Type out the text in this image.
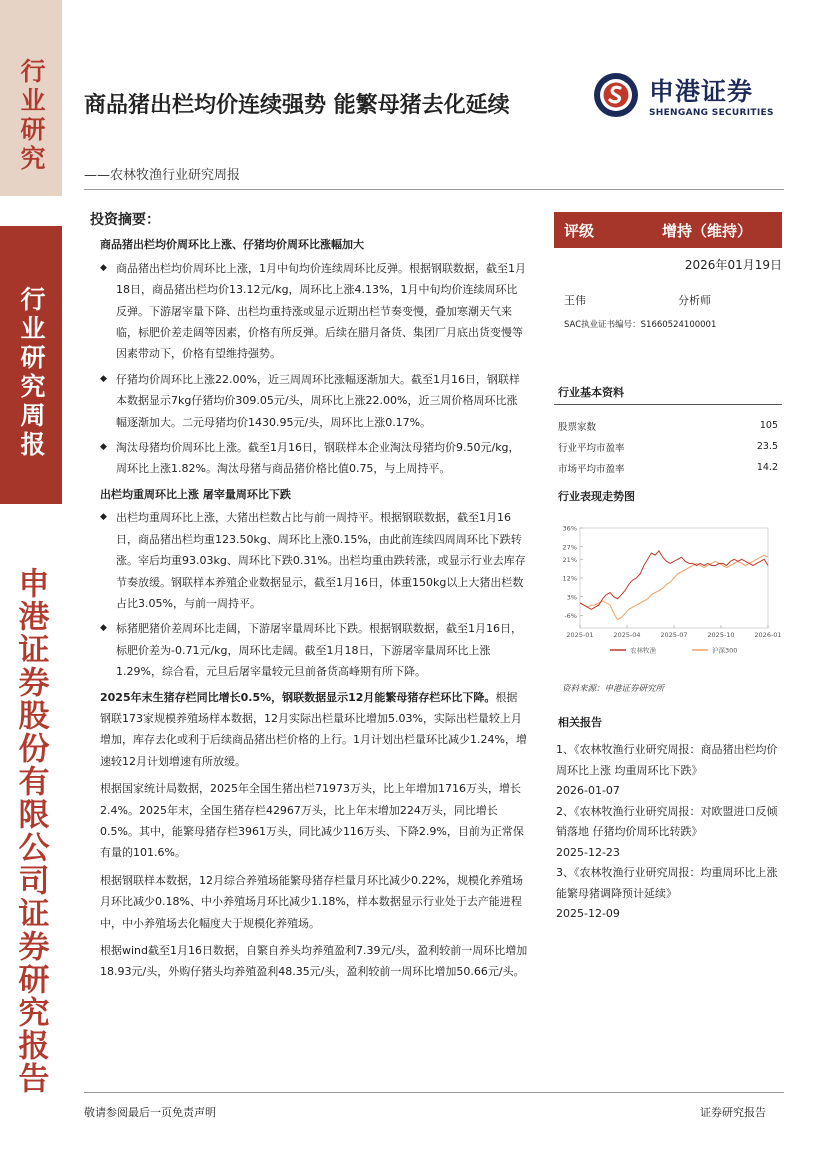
行业研究
行业研究周报
申港证券股份有限公司证券研究报告
商品猪出栏均价连续强势 能繁母猪去化延续
——农林牧渔行业研究周报
申港证券
SHENGANG SECURITIES
投资摘要：
商品猪出栏均价周环比上涨、仔猪均价周环比涨幅加大
◆ 商品猪出栏均价周环比上涨，1月中旬均价连续周环比反弹。根据钢联数据，截至1月18日，商品猪出栏均价13.12元/kg，周环比上涨4.13%，1月中旬均价连续周环比反弹。下游屠宰量下降、出栏均重持涨或显示近期出栏节奏变慢，叠加寒潮天气来临，标肥价差走阔等因素，价格有所反弹。后续在腊月备货、集团厂月底出货变慢等因素带动下，价格有望维持强势。
◆ 仔猪均价周环比上涨22.00%，近三周周环比涨幅逐渐加大。截至1月16日，钢联样本数据显示7kg仔猪均价309.05元/头，周环比上涨22.00%，近三周价格周环比涨幅逐渐加大。二元母猪均价1430.95元/头，周环比上涨0.17%。
◆ 淘汰母猪均价周环比上涨。截至1月16日，钢联样本企业淘汰母猪均价9.50元/kg，周环比上涨1.82%。淘汰母猪与商品猪价格比值0.75，与上周持平。
出栏均重周环比上涨 屠宰量周环比下跌
◆ 出栏均重周环比上涨，大猪出栏数占比与前一周持平。根据钢联数据，截至1月16日，商品猪出栏均重123.50kg、周环比上涨0.15%，由此前连续四周周环比下跌转涨。宰后均重93.03kg、周环比下跌0.31%。出栏均重由跌转涨，或显示行业去库存节奏放缓。钢联样本养殖企业数据显示，截至1月16日，体重150kg以上大猪出栏数占比3.05%，与前一周持平。
◆ 标猪肥猪价差周环比走阔，下游屠宰量周环比下跌。根据钢联数据，截至1月16日，标肥价差为-0.71元/kg，周环比走阔。截至1月18日，下游屠宰量周环比上涨1.29%，综合看，元旦后屠宰量较元旦前备货高峰期有所下降。
2025年末生猪存栏同比增长0.5%，钢联数据显示12月能繁母猪存栏环比下降。根据钢联173家规模养殖场样本数据，12月实际出栏量环比增加5.03%，实际出栏量较上月增加，库存去化或利于后续商品猪出栏价格的上行。1月计划出栏量环比减少1.24%，增速较12月计划增速有所放缓。
根据国家统计局数据，2025年全国生猪出栏71973万头，比上年增加1716万头，增长2.4%。2025年末，全国生猪存栏42967万头，比上年末增加224万头，同比增长0.5%。其中，能繁母猪存栏3961万头，同比减少116万头、下降2.9%，目前为正常保有量的101.6%。
根据钢联样本数据，12月综合养殖场能繁母猪存栏量月环比减少0.22%，规模化养殖场月环比减少0.18%、中小养殖场月环比减少1.18%，样本数据显示行业处于去产能进程中，中小养殖场去化幅度大于规模化养殖场。
根据wind截至1月16日数据，自繁自养头均养殖盈利7.39元/头，盈利较前一周环比增加18.93元/头，外购仔猪头均养殖盈利48.35元/头，盈利较前一周环比增加50.66元/头。
评级	增持（维持）
2026年01月19日
王伟	分析师
SAC执业证书编号：S1660524100001
行业基本资料
股票家数	105
行业平均市盈率	23.5
市场平均市盈率	14.2
行业表现走势图
-6%
3%
12%
21%
27%
36%
2025-01	2025-04	2025-07	2025-10	2026-01
农林牧渔	沪深300
资料来源：申港证券研究所
相关报告
1、《农林牧渔行业研究周报：商品猪出栏均价周环比上涨 均重周环比下跌》
2026-01-07
2、《农林牧渔行业研究周报：对欧盟进口反倾销落地 仔猪均价周环比转跌》
2025-12-23
3、《农林牧渔行业研究周报：均重周环比上涨 能繁母猪调降预计延续》
2025-12-09
敬请参阅最后一页免责声明	证券研究报告
